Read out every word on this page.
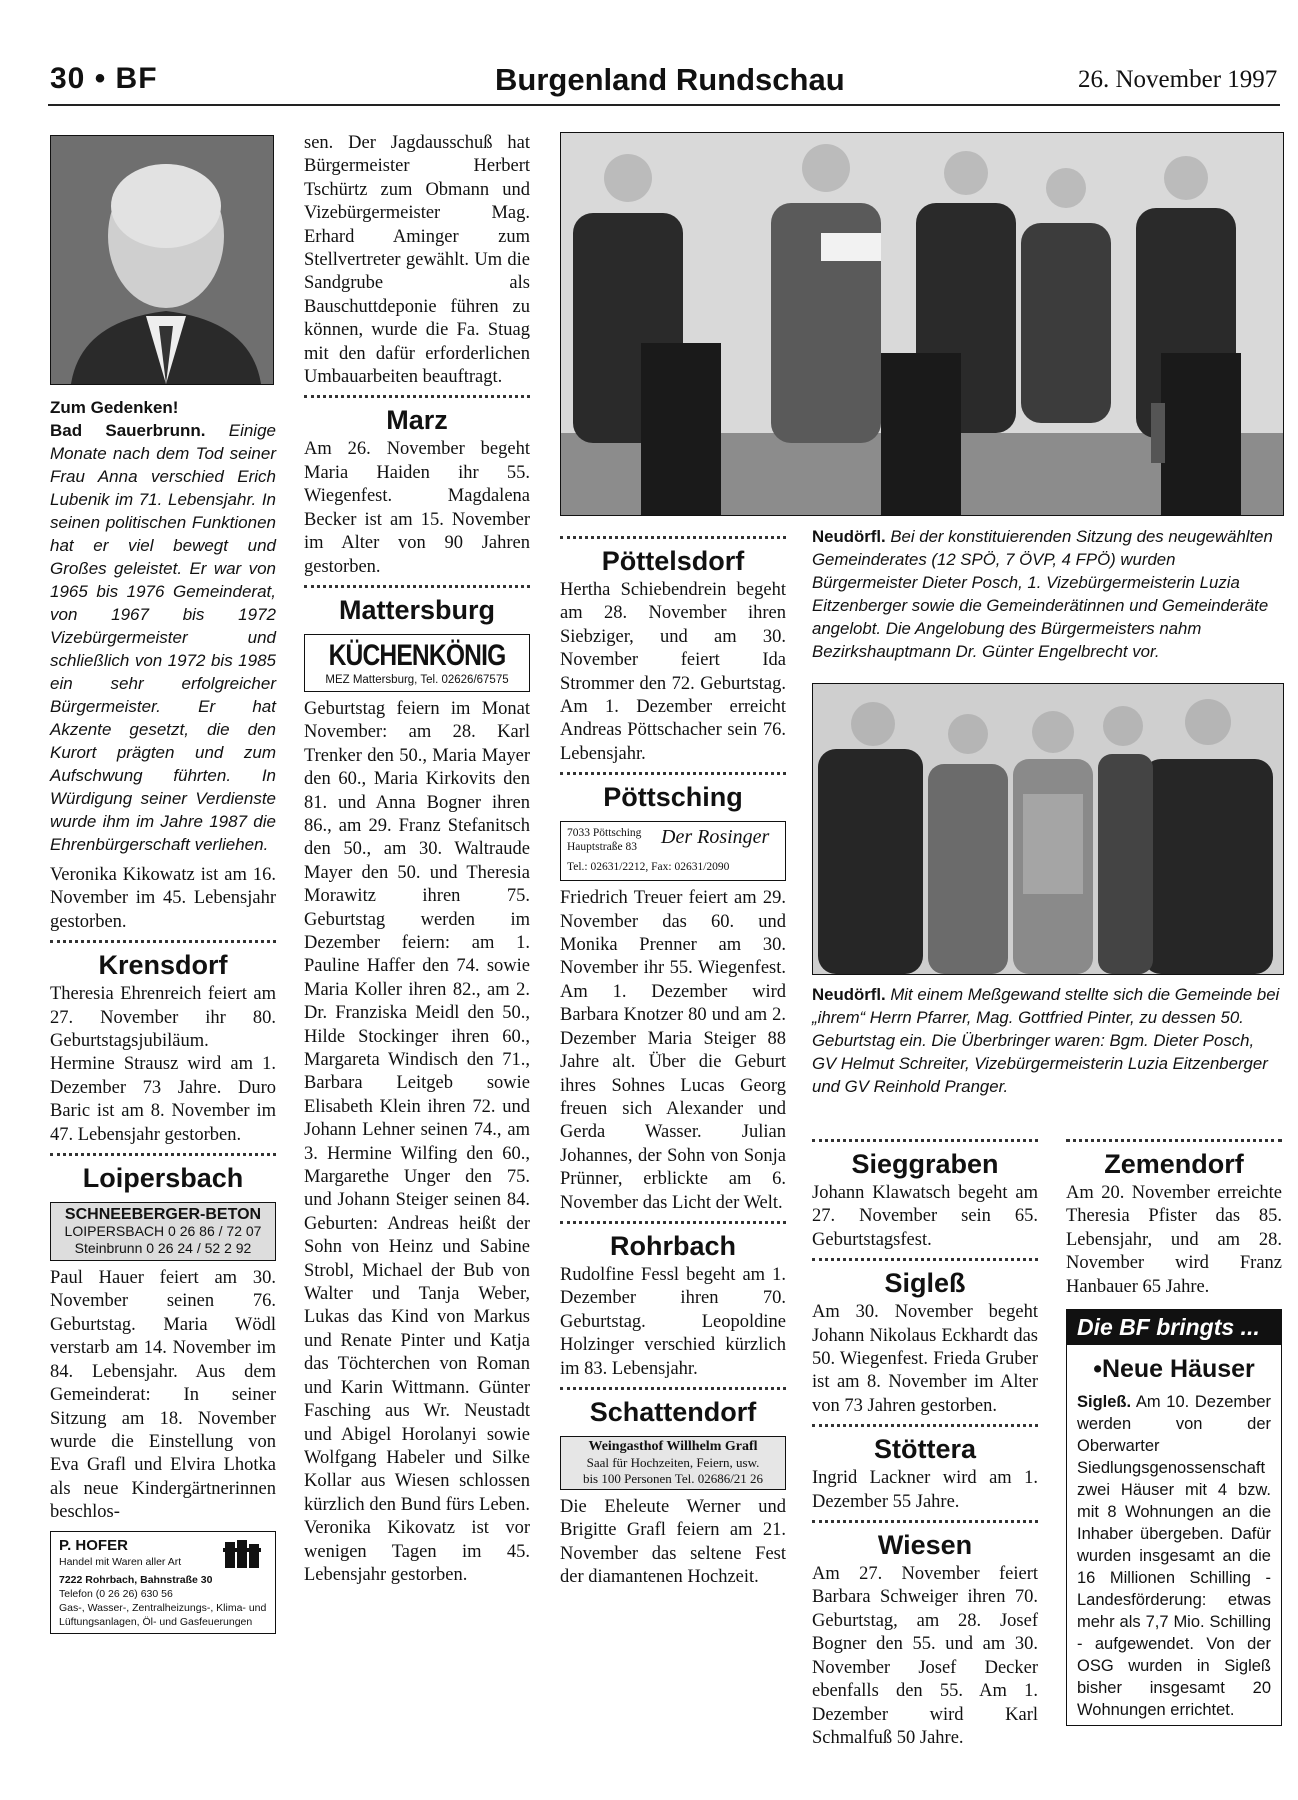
30 • BF	Burgenland Rundschau	26. November 1997
Zum Gedenken!
Bad Sauerbrunn. Einige Monate nach dem Tod seiner Frau Anna verschied Erich Lubenik im 71. Lebensjahr. In seinen politischen Funktionen hat er viel bewegt und Großes geleistet. Er war von 1965 bis 1976 Gemeinderat, von 1967 bis 1972 Vizebürgermeister und schließlich von 1972 bis 1985 ein sehr erfolgreicher Bürgermeister. Er hat Akzente gesetzt, die den Kurort prägten und zum Aufschwung führten. In Würdigung seiner Verdienste wurde ihm im Jahre 1987 die Ehrenbürgerschaft verliehen.

Veronika Kikowatz ist am 16. November im 45. Lebensjahr gestorben.

Krensdorf

Theresia Ehrenreich feiert am 27. November ihr 80. Geburtstagsjubiläum. Hermine Strausz wird am 1. Dezember 73 Jahre. Duro Baric ist am 8. November im 47. Lebensjahr gestorben.

Loipersbach
SCHNEEBERGER-BETON
LOIPERSBACH 0 26 86 / 72 07
Steinbrunn 0 26 24 / 52 2 92

Paul Hauer feiert am 30. November seinen 76. Geburtstag. Maria Wödl verstarb am 14. November im 84. Lebensjahr. Aus dem Gemeinderat: In seiner Sitzung am 18. November wurde die Einstellung von Eva Grafl und Elvira Lhotka als neue Kindergärtnerinnen beschlos-

P. HOFER
Handel mit Waren aller Art
7222 Rohrbach, Bahnstraße 30
Telefon (0 26 26) 630 56
Gas-, Wasser-, Zentralheizungs-, Klima- und Lüftungsanlagen, Öl- und Gasfeuerungen

sen. Der Jagdausschuß hat Bürgermeister Herbert Tschürtz zum Obmann und Vizebürgermeister Mag. Erhard Aminger zum Stellvertreter gewählt. Um die Sandgrube als Bauschuttdeponie führen zu können, wurde die Fa. Stuag mit den dafür erforderlichen Umbauarbeiten beauftragt.

Marz

Am 26. November begeht Maria Haiden ihr 55. Wiegenfest. Magdalena Becker ist am 15. November im Alter von 90 Jahren gestorben.

Mattersburg
KÜCHENKÖNIG
MEZ Mattersburg, Tel. 02626/67575

Geburtstag feiern im Monat November: am 28. Karl Trenker den 50., Maria Mayer den 60., Maria Kirkovits den 81. und Anna Bogner ihren 86., am 29. Franz Stefanitsch den 50., am 30. Waltraude Mayer den 50. und Theresia Morawitz ihren 75. Geburtstag werden im Dezember feiern: am 1. Pauline Haffer den 74. sowie Maria Koller ihren 82., am 2. Dr. Franziska Meidl den 50., Hilde Stockinger ihren 60., Margareta Windisch den 71., Barbara Leitgeb sowie Elisabeth Klein ihren 72. und Johann Lehner seinen 74., am 3. Hermine Wilfing den 60., Margarethe Unger den 75. und Johann Steiger seinen 84. Geburten: Andreas heißt der Sohn von Heinz und Sabine Strobl, Michael der Bub von Walter und Tanja Weber, Lukas das Kind von Markus und Renate Pinter und Katja das Töchterchen von Roman und Karin Wittmann. Günter Fasching aus Wr. Neustadt und Abigel Horolanyi sowie Wolfgang Habeler und Silke Kollar aus Wiesen schlossen kürzlich den Bund fürs Leben. Veronika Kikovatz ist vor wenigen Tagen im 45. Lebensjahr gestorben.

Neudörfl. Bei der konstituierenden Sitzung des neugewählten Gemeinderates (12 SPÖ, 7 ÖVP, 4 FPÖ) wurden Bürgermeister Dieter Posch, 1. Vizebürgermeisterin Luzia Eitzenberger sowie die Gemeinderätinnen und Gemeinderäte angelobt. Die Angelobung des Bürgermeisters nahm Bezirkshauptmann Dr. Günter Engelbrecht vor.
Pöttelsdorf

Hertha Schiebendrein begeht am 28. November ihren Siebziger, und am 30. November feiert Ida Strommer den 72. Geburtstag. Am 1. Dezember erreicht Andreas Pöttschacher sein 76. Lebensjahr.

Pöttsching
7033 Pöttsching
Hauptstraße 83	Der Rosinger
Tel.: 02631/2212, Fax: 02631/2090

Friedrich Treuer feiert am 29. November das 60. und Monika Prenner am 30. November ihr 55. Wiegenfest. Am 1. Dezember wird Barbara Knotzer 80 und am 2. Dezember Maria Steiger 88 Jahre alt. Über die Geburt ihres Sohnes Lucas Georg freuen sich Alexander und Gerda Wasser. Julian Johannes, der Sohn von Sonja Prünner, erblickte am 6. November das Licht der Welt.

Rohrbach

Rudolfine Fessl begeht am 1. Dezember ihren 70. Geburtstag. Leopoldine Holzinger verschied kürzlich im 83. Lebensjahr.

Schattendorf
Weingasthof Willhelm Grafl
Saal für Hochzeiten, Feiern, usw.
bis 100 Personen Tel. 02686/21 26

Die Eheleute Werner und Brigitte Grafl feiern am 21. November das seltene Fest der diamantenen Hochzeit.

Neudörfl. Mit einem Meßgewand stellte sich die Gemeinde bei „ihrem“ Herrn Pfarrer, Mag. Gottfried Pinter, zu dessen 50. Geburtstag ein. Die Überbringer waren: Bgm. Dieter Posch, GV Helmut Schreiter, Vizebürgermeisterin Luzia Eitzenberger und GV Reinhold Pranger.
Sieggraben

Johann Klawatsch begeht am 27. November sein 65. Geburtstagsfest.

Sigleß

Am 30. November begeht Johann Nikolaus Eckhardt das 50. Wiegenfest. Frieda Gruber ist am 8. November im Alter von 73 Jahren gestorben.

Stöttera

Ingrid Lackner wird am 1. Dezember 55 Jahre.

Wiesen

Am 27. November feiert Barbara Schweiger ihren 70. Geburtstag, am 28. Josef Bogner den 55. und am 30. November Josef Decker ebenfalls den 55. Am 1. Dezember wird Karl Schmalfuß 50 Jahre.

Zemendorf

Am 20. November erreichte Theresia Pfister das 85. Lebensjahr, und am 28. November wird Franz Hanbauer 65 Jahre.

Die BF bringts ...
•Neue Häuser
Sigleß. Am 10. Dezember werden von der Oberwarter Siedlungsgenossenschaft zwei Häuser mit 4 bzw. mit 8 Wohnungen an die Inhaber übergeben. Dafür wurden insgesamt an die 16 Millionen Schilling - Landesförderung: etwas mehr als 7,7 Mio. Schilling - aufgewendet. Von der OSG wurden in Sigleß bisher insgesamt 20 Wohnungen errichtet.
